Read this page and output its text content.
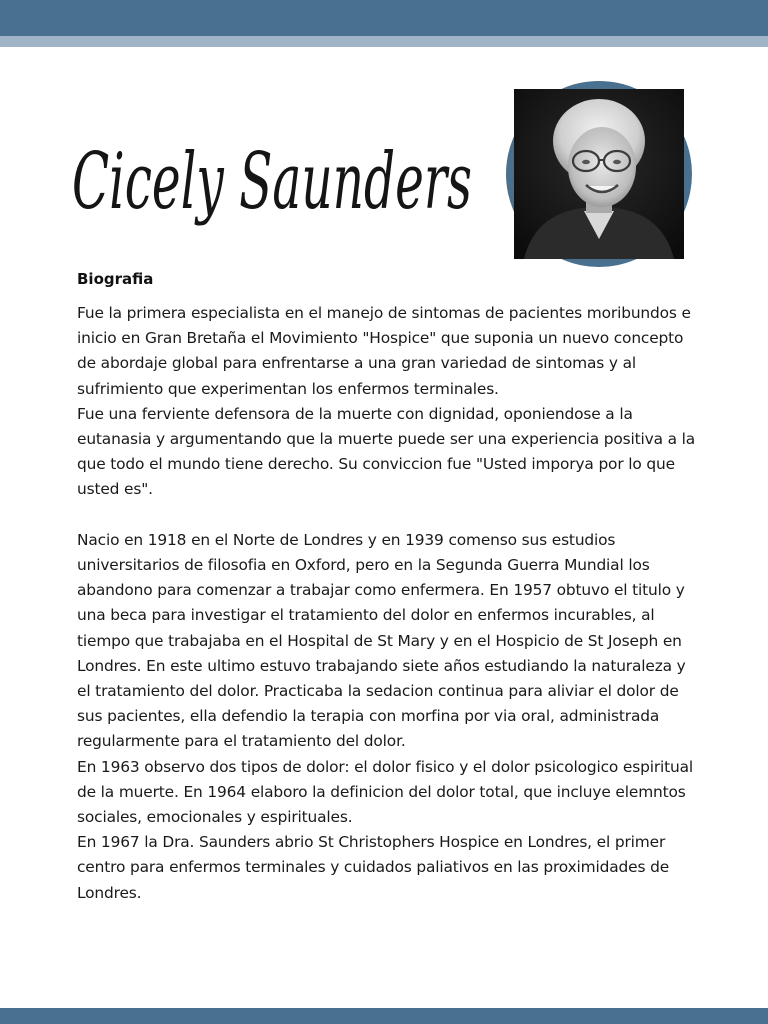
Cicely Saunders
Biografia

Fue la primera especialista en el manejo de sintomas de pacientes moribundos e inicio en Gran Bretaña el Movimiento "Hospice" que suponia un nuevo concepto de abordaje global para enfrentarse a una gran variedad de sintomas y al sufrimiento que experimentan los enfermos terminales.

Fue una ferviente defensora de la muerte con dignidad, oponiendose a la eutanasia y argumentando que la muerte puede ser una experiencia positiva a la que todo el mundo tiene derecho. Su conviccion fue "Usted imporya por lo que usted es".

Nacio en 1918 en el Norte de Londres y en 1939 comenso sus estudios universitarios de filosofia en Oxford, pero en la Segunda Guerra Mundial los abandono para comenzar a trabajar como enfermera. En 1957 obtuvo el titulo y una beca para investigar el tratamiento del dolor en enfermos incurables, al tiempo que trabajaba en el Hospital de St Mary y en el Hospicio de St Joseph en Londres. En este ultimo estuvo trabajando siete años estudiando la naturaleza y el tratamiento del dolor. Practicaba la sedacion continua para aliviar el dolor de sus pacientes, ella defendio la terapia con morfina por via oral, administrada regularmente para el tratamiento del dolor.

En 1963 observo dos tipos de dolor: el dolor fisico y el dolor psicologico espiritual de la muerte. En 1964 elaboro la definicion del dolor total, que incluye elemntos sociales, emocionales y espirituales.

En 1967 la Dra. Saunders abrio St Christophers Hospice en Londres, el primer centro para enfermos terminales y cuidados paliativos en las proximidades de Londres.
